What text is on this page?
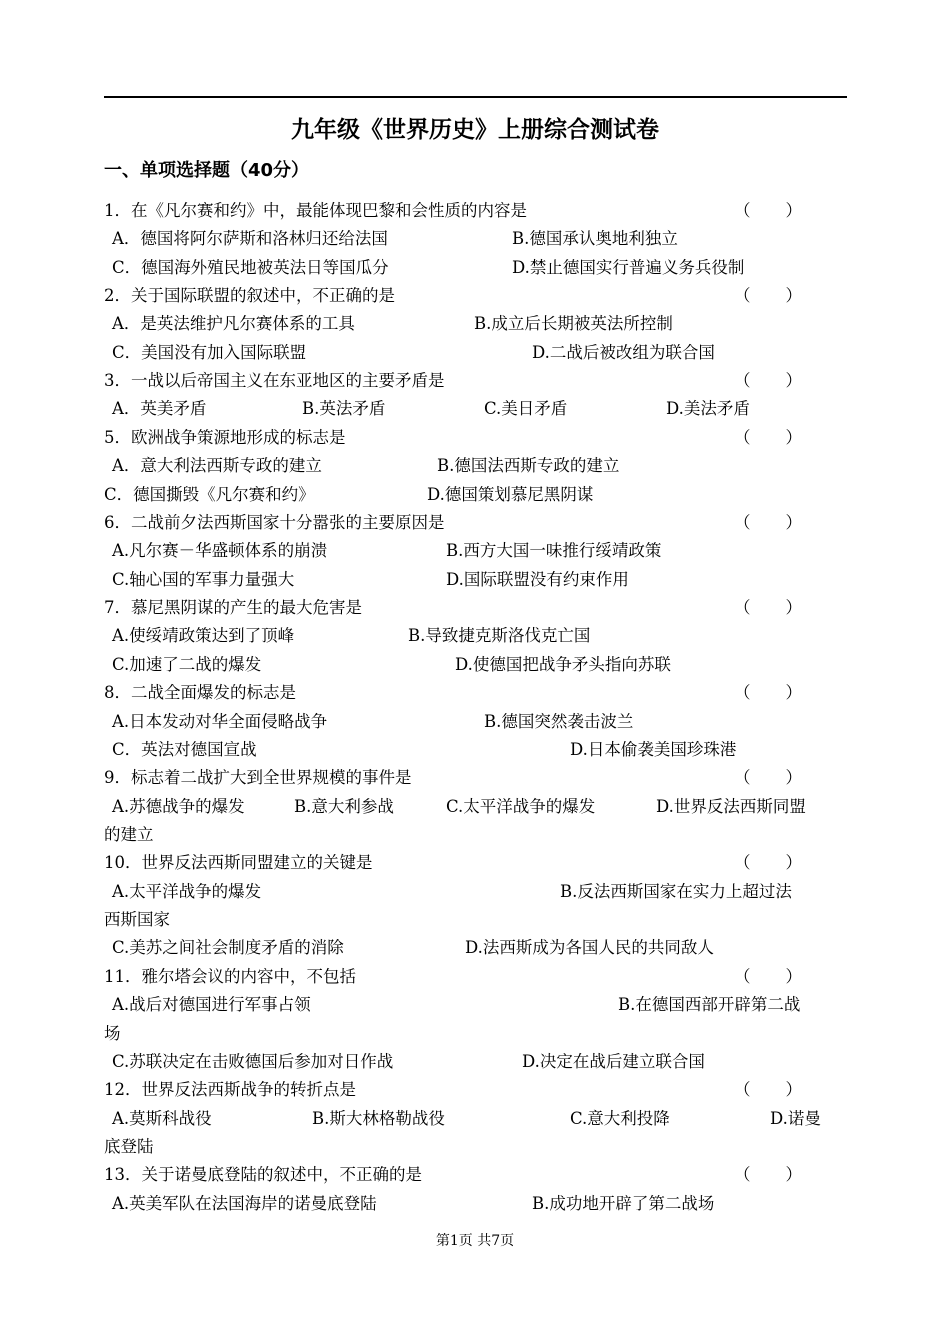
九年级《世界历史》上册综合测试卷
一、单项选择题（40分）
1．在《凡尔赛和约》中，最能体现巴黎和会性质的内容是	（ ）
A．德国将阿尔萨斯和洛林归还给法国	B.德国承认奥地利独立
C．德国海外殖民地被英法日等国瓜分	D.禁止德国实行普遍义务兵役制
2．关于国际联盟的叙述中，不正确的是	（ ）
A．是英法维护凡尔赛体系的工具	B.成立后长期被英法所控制
C．美国没有加入国际联盟	D.二战后被改组为联合国
3．一战以后帝国主义在东亚地区的主要矛盾是	（ ）
A．英美矛盾	B.英法矛盾	C.美日矛盾	D.美法矛盾
5．欧洲战争策源地形成的标志是	（ ）
A．意大利法西斯专政的建立	B.德国法西斯专政的建立
C．德国撕毁《凡尔赛和约》	D.德国策划慕尼黑阴谋
6．二战前夕法西斯国家十分嚣张的主要原因是	（ ）
A.凡尔赛－华盛顿体系的崩溃	B.西方大国一味推行绥靖政策
C.轴心国的军事力量强大	D.国际联盟没有约束作用
7．慕尼黑阴谋的产生的最大危害是	（ ）
A.使绥靖政策达到了顶峰	B.导致捷克斯洛伐克亡国
C.加速了二战的爆发	D.使德国把战争矛头指向苏联
8．二战全面爆发的标志是	（ ）
A.日本发动对华全面侵略战争	B.德国突然袭击波兰
C．英法对德国宣战	D.日本偷袭美国珍珠港
9．标志着二战扩大到全世界规模的事件是	（ ）
A.苏德战争的爆发	B.意大利参战	C.太平洋战争的爆发	D.世界反法西斯同盟
的建立
10．世界反法西斯同盟建立的关键是	（ ）
A.太平洋战争的爆发	B.反法西斯国家在实力上超过法
西斯国家
C.美苏之间社会制度矛盾的消除	D.法西斯成为各国人民的共同敌人
11．雅尔塔会议的内容中，不包括	（ ）
A.战后对德国进行军事占领	B.在德国西部开辟第二战
场
C.苏联决定在击败德国后参加对日作战	D.决定在战后建立联合国
12．世界反法西斯战争的转折点是	（ ）
A.莫斯科战役	B.斯大林格勒战役	C.意大利投降	D.诺曼
底登陆
13．关于诺曼底登陆的叙述中，不正确的是	（ ）
A.英美军队在法国海岸的诺曼底登陆	B.成功地开辟了第二战场
第1页 共7页
